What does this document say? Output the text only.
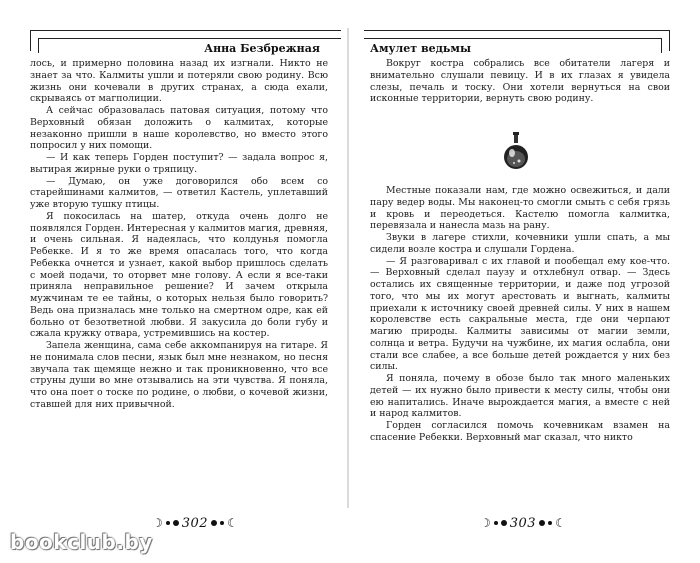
Анна Безбрежная

лось, и примерно половина назад их изгнали. Никто не знает за что. Калмиты ушли и потеряли свою родину. Всю жизнь они кочевали в других странах, а сюда ехали, скрываясь от магполиции.

А сейчас образовалась патовая ситуация, потому что Верховный обязан доложить о калмитах, которые незаконно пришли в наше королевство, но вместо этого попросил у них помощи.

— И как теперь Горден поступит? — задала вопрос я, вытирая жирные руки о тряпицу.

— Думаю, он уже договорился обо всем со старейшинами калмитов, — ответил Кастель, уплетавший уже вторую тушку птицы.

Я покосилась на шатер, откуда очень долго не появлялся Горден. Интересная у калмитов магия, древняя, и очень сильная. Я надеялась, что колдунья помогла Ребекке. И я то же время опасалась того, что когда Ребекка очнется и узнает, какой выбор пришлось сделать с моей подачи, то оторвет мне голову. А если я все-таки приняла неправильное решение? И зачем открыла мужчинам те ее тайны, о которых нельзя было говорить? Ведь она призналась мне только на смертном одре, как ей больно от безответной любви. Я закусила до боли губу и сжала кружку отвара, устремившись на костер.

Запела женщина, сама себе аккомпанируя на гитаре. Я не понимала слов песни, язык был мне незнаком, но песня звучала так щемяще нежно и так проникновенно, что все струны души во мне отзывались на эти чувства. Я поняла, что она поет о тоске по родине, о любви, о кочевой жизни, ставшей для них привычной.

☽ 302 ☾
Амулет ведьмы

Вокруг костра собрались все обитатели лагеря и внимательно слушали певицу. И в их глазах я увидела слезы, печаль и тоску. Они хотели вернуться на свои исконные территории, вернуть свою родину.

Местные показали нам, где можно освежиться, и дали пару ведер воды. Мы наконец-то смогли смыть с себя грязь и кровь и переодеться. Кастелю помогла калмитка, перевязала и нанесла мазь на рану.

Звуки в лагере стихли, кочевники ушли спать, а мы сидели возле костра и слушали Гордена.

— Я разговаривал с их главой и пообещал ему кое-что. — Верховный сделал паузу и отхлебнул отвар. — Здесь остались их священные территории, и даже под угрозой того, что мы их могут арестовать и выгнать, калмиты приехали к источнику своей древней силы. У них в нашем королевстве есть сакральные места, где они черпают магию природы. Калмиты зависимы от магии земли, солнца и ветра. Будучи на чужбине, их магия ослабла, они стали все слабее, а все больше детей рождается у них без силы.

Я поняла, почему в обозе было так много маленьких детей — их нужно было привести к месту силы, чтобы они ею напитались. Иначе вырождается магия, а вместе с ней и народ калмитов.

Горден согласился помочь кочевникам взамен на спасение Ребекки. Верховный маг сказал, что никто

☽ 303 ☾
bookclub.by
